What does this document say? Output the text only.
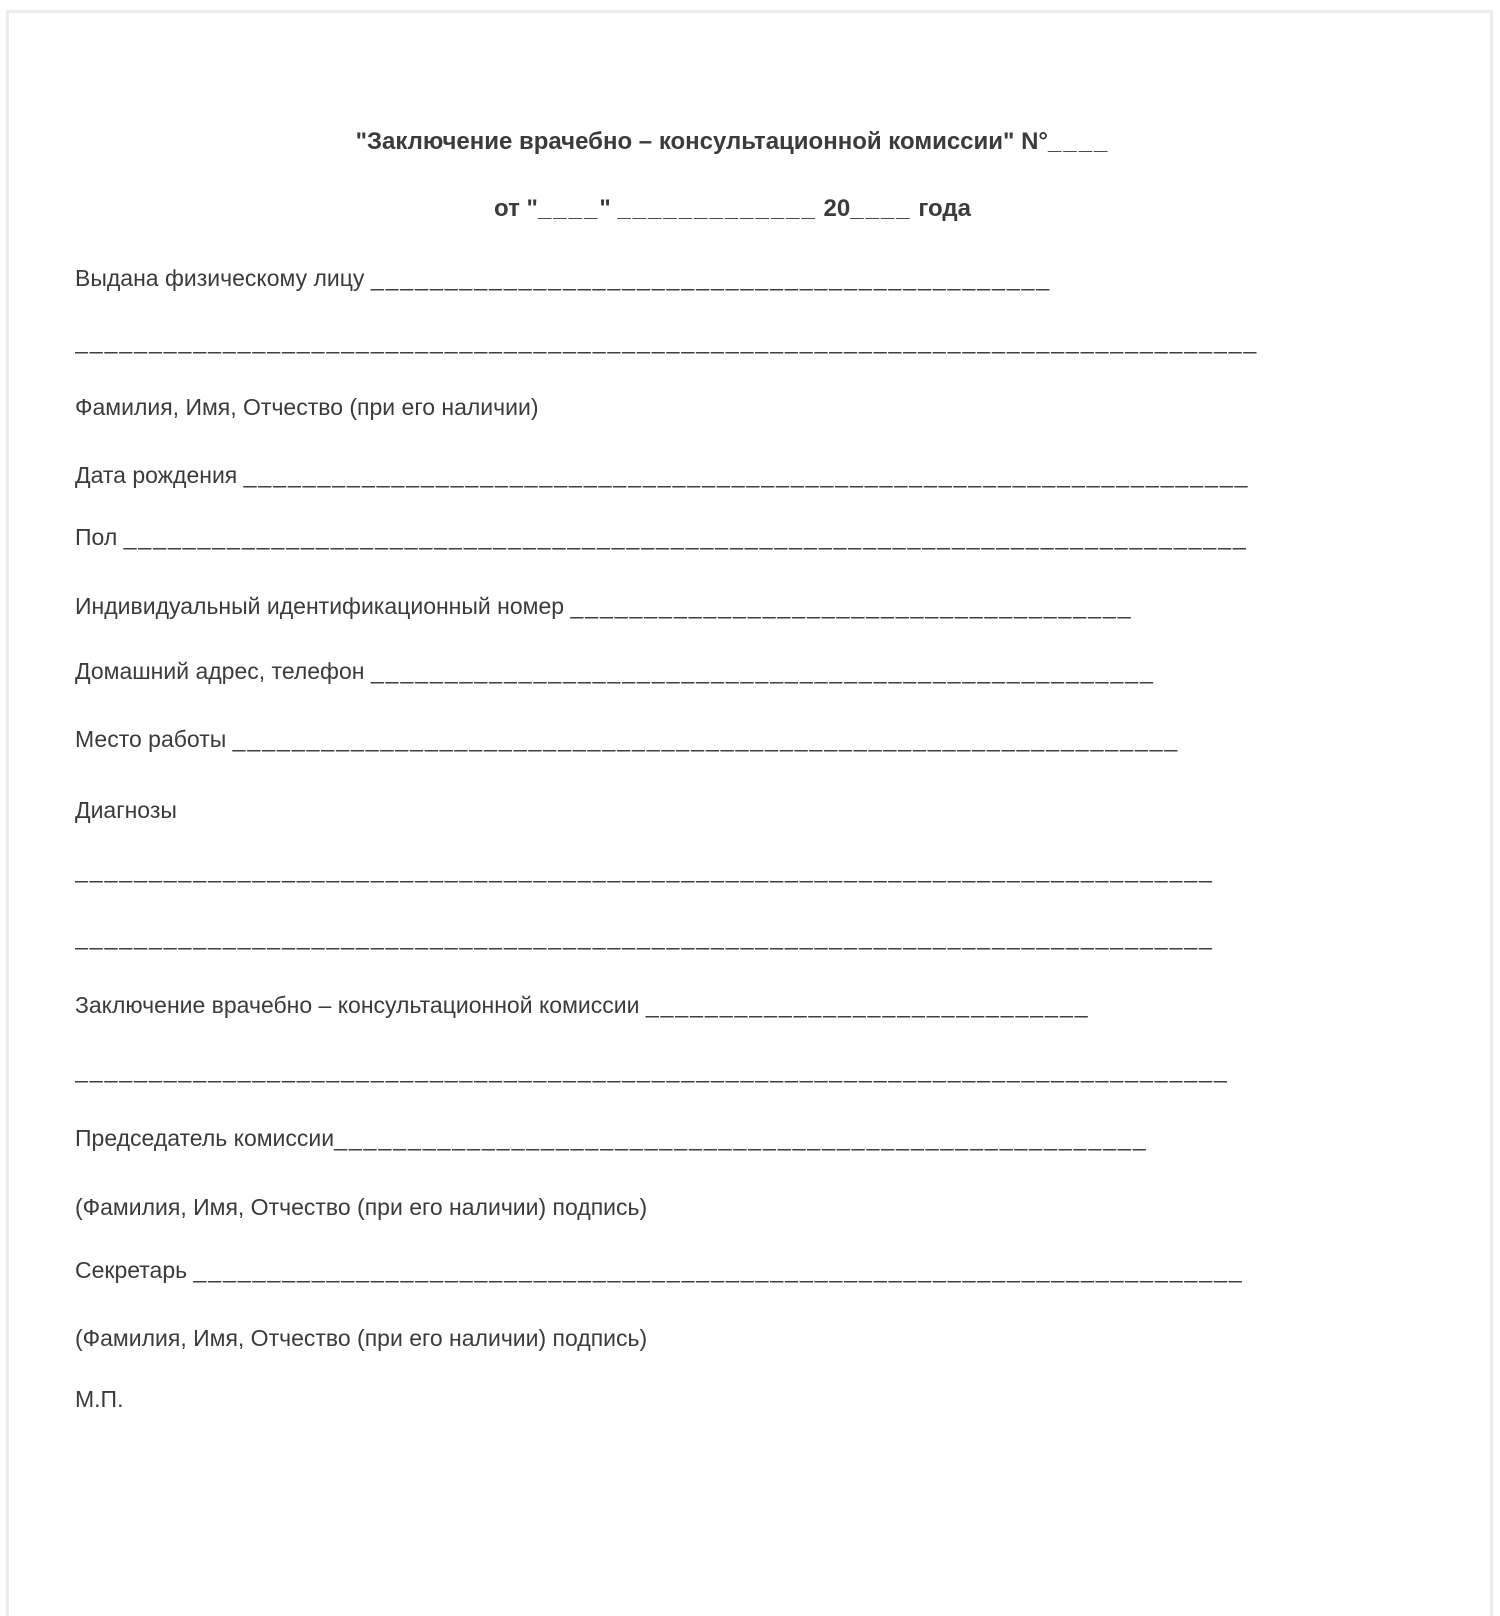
"Заключение врачебно – консультационной комиссии" N°____

от "____" _____________ 20____ года

Выдана физическому лицу ______________________________________________

________________________________________________________________________________

Фамилия, Имя, Отчество (при его наличии)

Дата рождения ____________________________________________________________________

Пол ____________________________________________________________________________

Индивидуальный идентификационный номер ______________________________________

Домашний адрес, телефон _____________________________________________________

Место работы ________________________________________________________________

Диагнозы

_____________________________________________________________________________

_____________________________________________________________________________

Заключение врачебно – консультационной комиссии ______________________________

______________________________________________________________________________

Председатель комиссии_______________________________________________________

(Фамилия, Имя, Отчество (при его наличии) подпись)

Секретарь _______________________________________________________________________

(Фамилия, Имя, Отчество (при его наличии) подпись)

М.П.
